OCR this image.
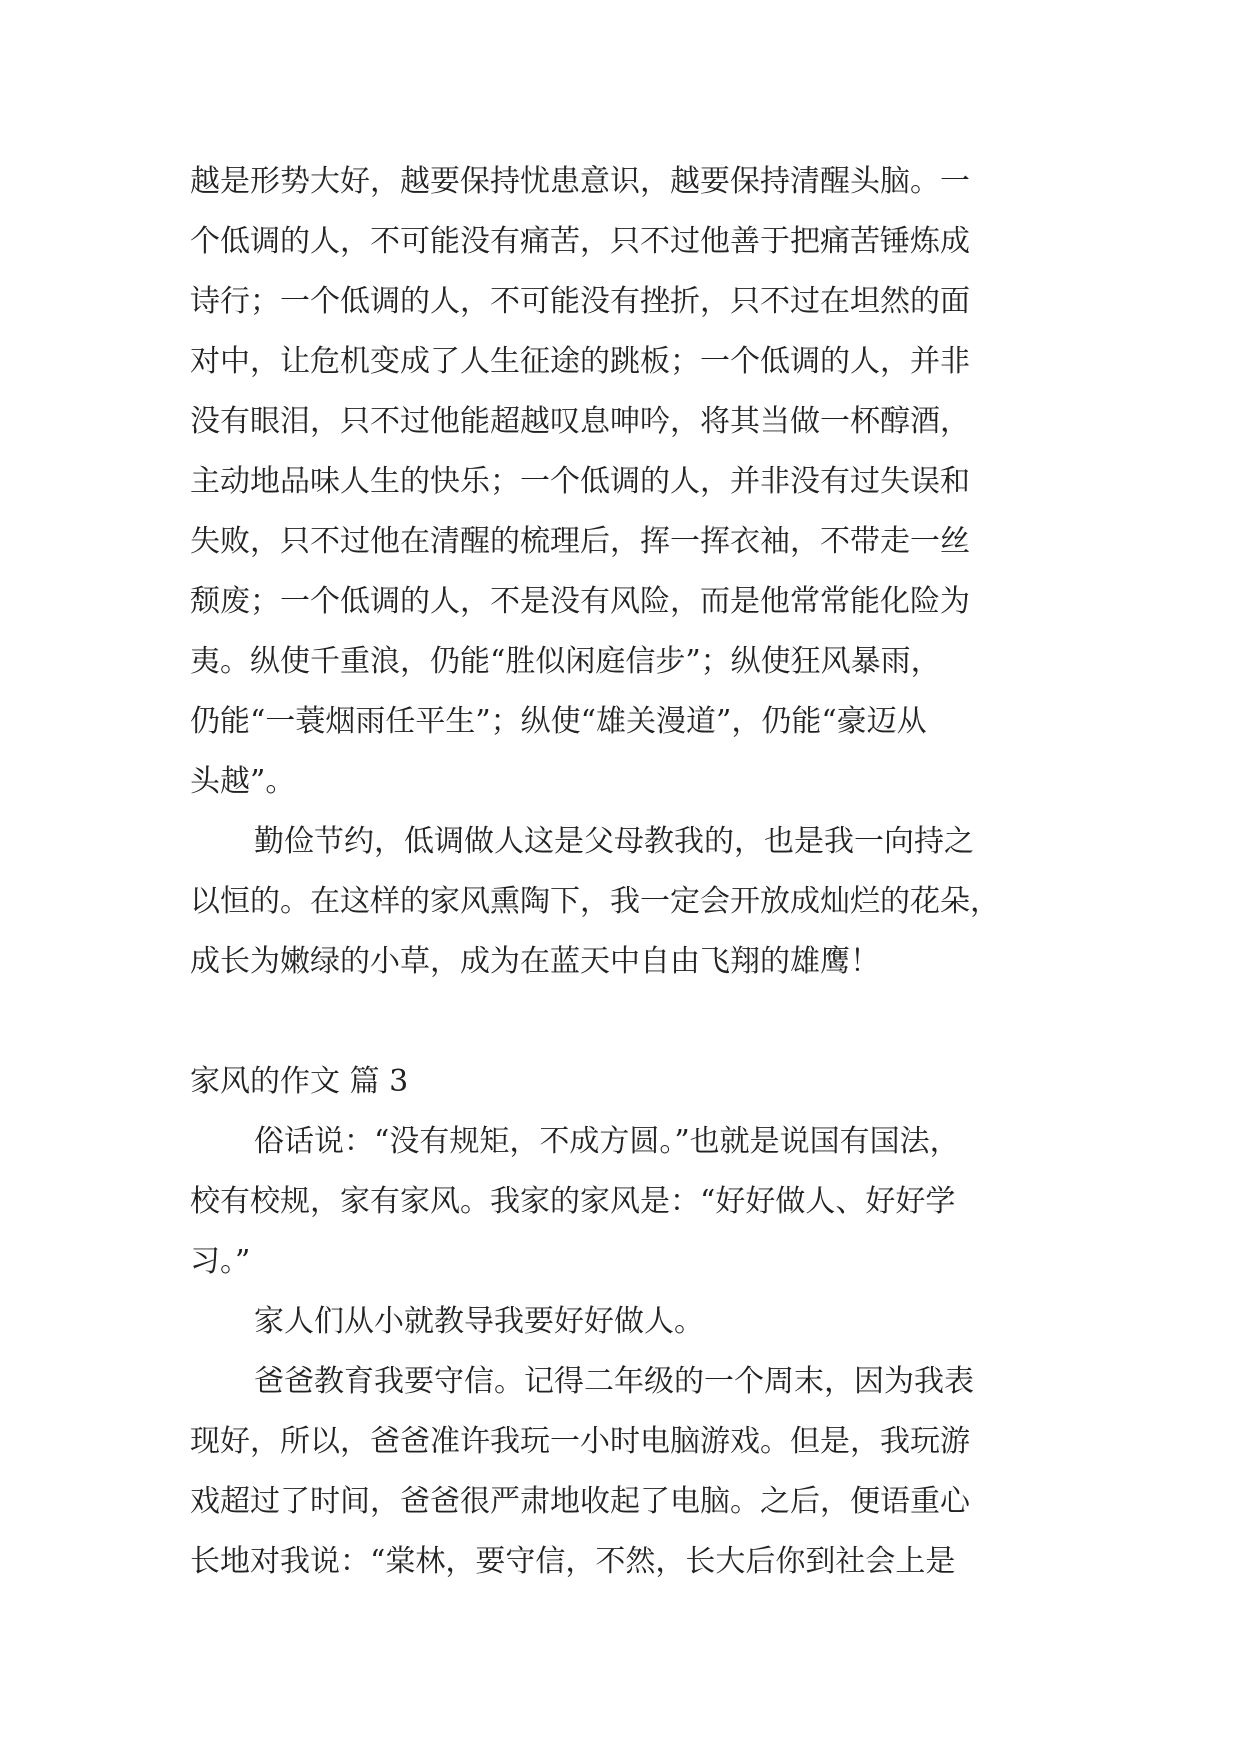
越是形势大好，越要保持忧患意识，越要保持清醒头脑。一
个低调的人，不可能没有痛苦，只不过他善于把痛苦锤炼成
诗行；一个低调的人，不可能没有挫折，只不过在坦然的面
对中，让危机变成了人生征途的跳板；一个低调的人，并非
没有眼泪，只不过他能超越叹息呻吟，将其当做一杯醇酒，
主动地品味人生的快乐；一个低调的人，并非没有过失误和
失败，只不过他在清醒的梳理后，挥一挥衣袖，不带走一丝
颓废；一个低调的人，不是没有风险，而是他常常能化险为
夷。纵使千重浪，仍能“胜似闲庭信步”；纵使狂风暴雨，
仍能“一蓑烟雨任平生”；纵使“雄关漫道”，仍能“豪迈从
头越”。
勤俭节约，低调做人这是父母教我的，也是我一向持之
以恒的。在这样的家风熏陶下，我一定会开放成灿烂的花朵，
成长为嫩绿的小草，成为在蓝天中自由飞翔的雄鹰！
家风的作文 篇 3
俗话说：“没有规矩，不成方圆。”也就是说国有国法，
校有校规，家有家风。我家的家风是：“好好做人、好好学
习。”
家人们从小就教导我要好好做人。
爸爸教育我要守信。记得二年级的一个周末，因为我表
现好，所以，爸爸准许我玩一小时电脑游戏。但是，我玩游
戏超过了时间，爸爸很严肃地收起了电脑。之后，便语重心
长地对我说：“棠林，要守信，不然，长大后你到社会上是
